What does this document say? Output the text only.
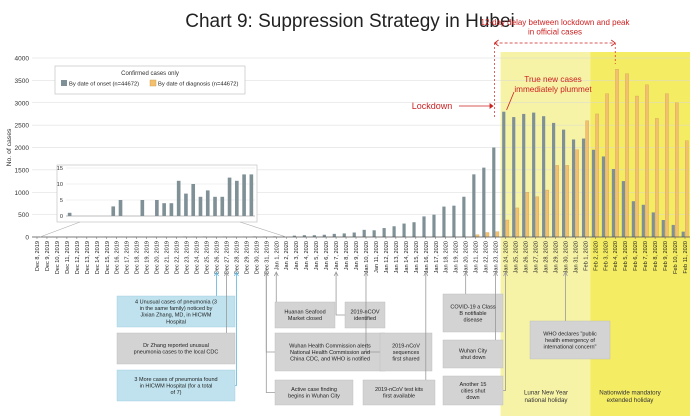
Chart 9: Suppression Strategy in Hubei
0
500
1000
1500
2000
2500
3000
3500
4000
No. of cases
Dec 8, 2019 Dec 9, 2019 Dec 10, 2019 Dec 11, 2019 Dec 12, 2019 Dec 13, 2019 Dec 14, 2019 Dec 15, 2019 Dec 16, 2019 Dec 17, 2019 Dec 18, 2019 Dec 19, 2019 Dec 20, 2019 Dec 21, 2019 Dec 22, 2019 Dec 23, 2019 Dec 24, 2019 Dec 25, 2019 Dec 26, 2019 Dec 27, 2019 Dec 28, 2019 Dec 29, 2019 Dec 30, 2019 Dec 31, 2019 Jan 1, 2020 Jan 2, 2020 Jan 3, 2020 Jan 4, 2020 Jan 5, 2020 Jan 6, 2020 Jan 7, 2020 Jan 8, 2020 Jan 9, 2020 Jan 10, 2020 Jan 11, 2020 Jan 12, 2020 Jan 13, 2020 Jan 14, 2020 Jan 15, 2020 Jan 16, 2020 Jan 17, 2020 Jan 18, 2020 Jan 19, 2020 Jan 20, 2020 Jan 21, 2020 Jan 22, 2020 Jan 23, 2020 Jan 24, 2020 Jan 25, 2020 Jan 26, 2020 Jan 27, 2020 Jan 28, 2020 Jan 29, 2020 Jan 30, 2020 Jan 31, 2020 Feb 1, 2020 Feb 2, 2020 Feb 3, 2020 Feb 4, 2020 Feb 5, 2020 Feb 6, 2020 Feb 7, 2020 Feb 8, 2020 Feb 9, 2020 Feb 10, 2020 Feb 11, 2020
Confirmed cases only
By date of onset (n=44672)	By date of diagnosis (n=44672)
0
5
10
15
Lockdown
12-day delay between lockdown and peak in official cases
True new cases immediately plummet
Lunar New Year national holiday
Nationwide mandatory extended holiday
4 Unusual cases of pneumonia (3 in the same family) noticed by Jixian Zhang, MD, in HICWM Hospital
Dr Zhang reported unusual pneumonia cases to the local CDC
3 More cases of pneumonia found in HICWM Hospital (for a total of 7)
Huanan Seafood Market closed
Wuhan Health Commission alerts National Health Commission and China CDC, and WHO is notified
Active case finding begins in Wuhan City
2019-nCOV identified
2019-nCoV sequences first shared
2019-nCoV test kits first available
COVID-19 a Class B notifiable disease
Wuhan City shut down
Another 15 cities shut down
WHO declares "public health emergency of international concern"
